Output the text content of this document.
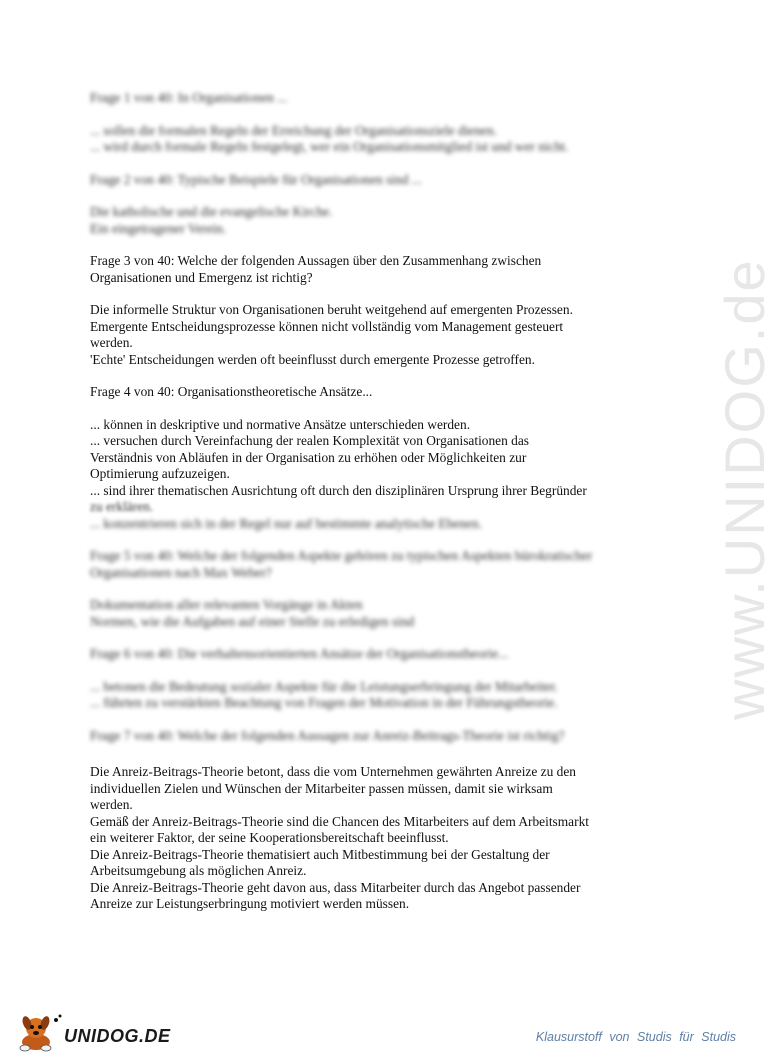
www.UNIDOG.de
Frage 1 von 40: In Organisationen ...
... sollen die formalen Regeln der Erreichung der Organisationsziele dienen.
... wird durch formale Regeln festgelegt, wer ein Organisationsmitglied ist und wer nicht.
Frage 2 von 40: Typische Beispiele für Organisationen sind ...
Die katholische und die evangelische Kirche.
Ein eingetragener Verein.
Frage 3 von 40: Welche der folgenden Aussagen über den Zusammenhang zwischen
Organisationen und Emergenz ist richtig?
Die informelle Struktur von Organisationen beruht weitgehend auf emergenten Prozessen.
Emergente Entscheidungsprozesse können nicht vollständig vom Management gesteuert
werden.
'Echte' Entscheidungen werden oft beeinflusst durch emergente Prozesse getroffen.
Frage 4 von 40: Organisationstheoretische Ansätze...
... können in deskriptive und normative Ansätze unterschieden werden.
... versuchen durch Vereinfachung der realen Komplexität von Organisationen das
Verständnis von Abläufen in der Organisation zu erhöhen oder Möglichkeiten zur
Optimierung aufzuzeigen.
... sind ihrer thematischen Ausrichtung oft durch den disziplinären Ursprung ihrer Begründer
zu erklären.
... konzentrieren sich in der Regel nur auf bestimmte analytische Ebenen.
Frage 5 von 40: Welche der folgenden Aspekte gehören zu typischen Aspekten bürokratischer
Organisationen nach Max Weber?
Dokumentation aller relevanten Vorgänge in Akten
Normen, wie die Aufgaben auf einer Stelle zu erledigen sind
Frage 6 von 40: Die verhaltensorientierten Ansätze der Organisationstheorie...
... betonen die Bedeutung sozialer Aspekte für die Leistungserbringung der Mitarbeiter.
... führten zu verstärkten Beachtung von Fragen der Motivation in der Führungstheorie.
Frage 7 von 40: Welche der folgenden Aussagen zur Anreiz-Beitrags-Theorie ist richtig?
Die Anreiz-Beitrags-Theorie betont, dass die vom Unternehmen gewährten Anreize zu den
individuellen Zielen und Wünschen der Mitarbeiter passen müssen, damit sie wirksam
werden.
Gemäß der Anreiz-Beitrags-Theorie sind die Chancen des Mitarbeiters auf dem Arbeitsmarkt
ein weiterer Faktor, der seine Kooperationsbereitschaft beeinflusst.
Die Anreiz-Beitrags-Theorie thematisiert auch Mitbestimmung bei der Gestaltung der
Arbeitsumgebung als möglichen Anreiz.
Die Anreiz-Beitrags-Theorie geht davon aus, dass Mitarbeiter durch das Angebot passender
Anreize zur Leistungserbringung motiviert werden müssen.
UNIDOG.DE	Klausurstoff von Studis für Studis
